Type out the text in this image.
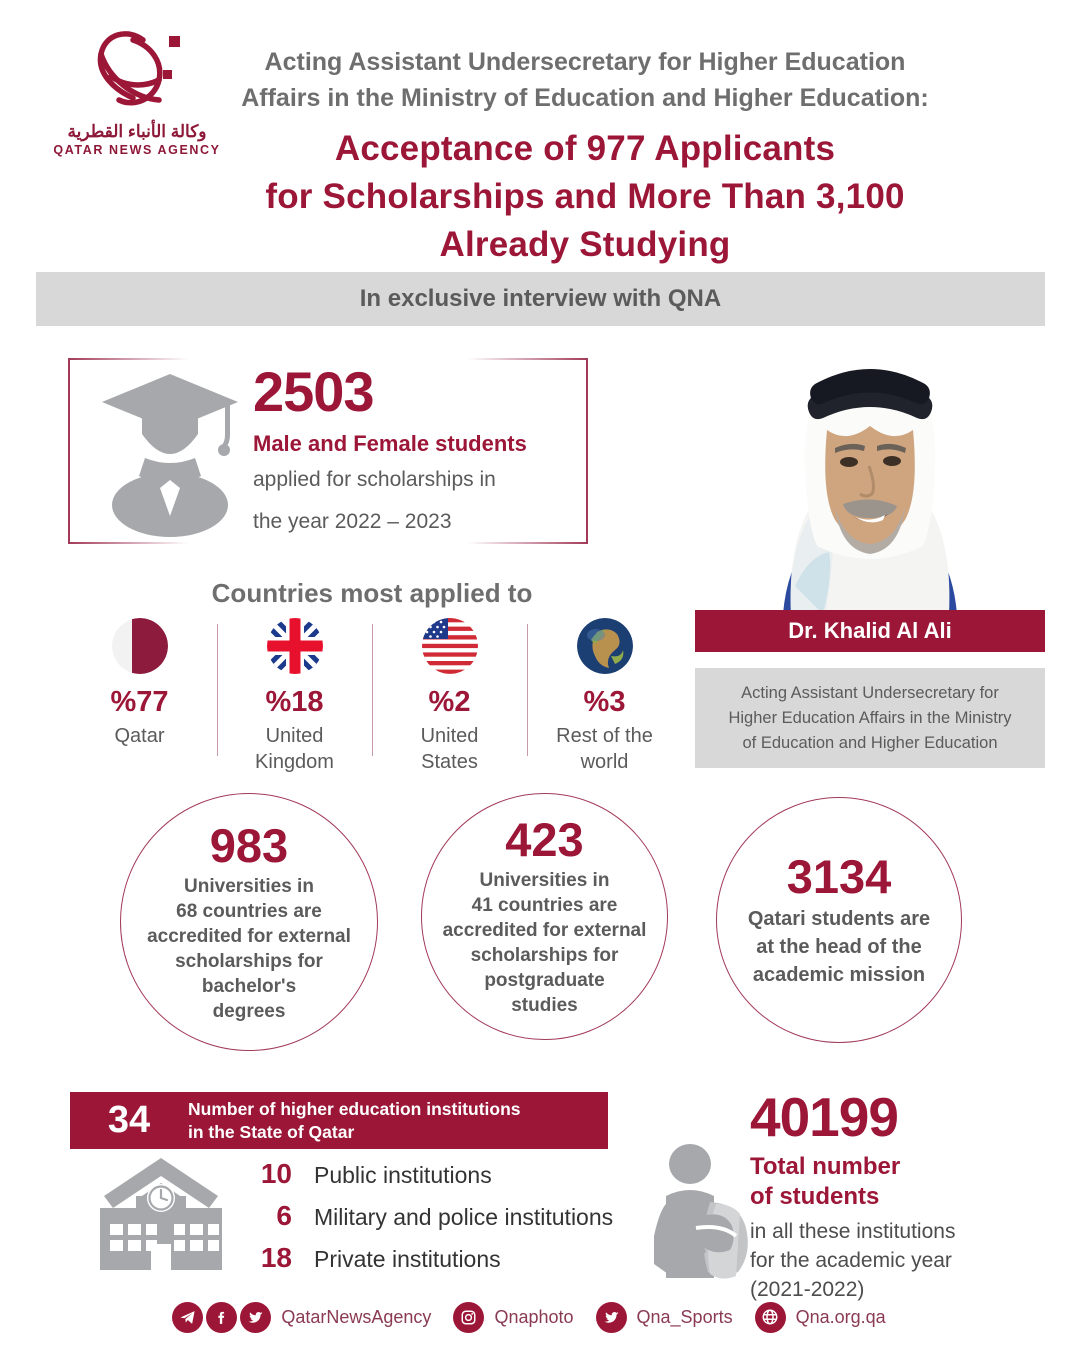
وكالة الأنباء القطرية
QATAR NEWS AGENCY
Acting Assistant Undersecretary for Higher Education
Affairs in the Ministry of Education and Higher Education:
Acceptance of 977 Applicants
for Scholarships and More Than 3,100
Already Studying
In exclusive interview with QNA
2503
Male and Female students
applied for scholarships in
the year 2022 – 2023
Dr. Khalid Al Ali
Acting Assistant Undersecretary for
Higher Education Affairs in the Ministry
of Education and Higher Education
Countries most applied to
%77
Qatar
%18
United
Kingdom
%2
United
States
%3
Rest of the
world
983
Universities in
68 countries are
accredited for external
scholarships for
bachelor's
degrees
423
Universities in
41 countries are
accredited for external
scholarships for
postgraduate
studies
3134
Qatari students are
at the head of the
academic mission
34	Number of higher education institutions
in the State of Qatar
10 Public institutions
6 Military and police institutions
18 Private institutions
40199
Total number
of students
in all these institutions
for the academic year
(2021-2022)
QatarNewsAgency	Qnaphoto	Qna_Sports	Qna.org.qa
